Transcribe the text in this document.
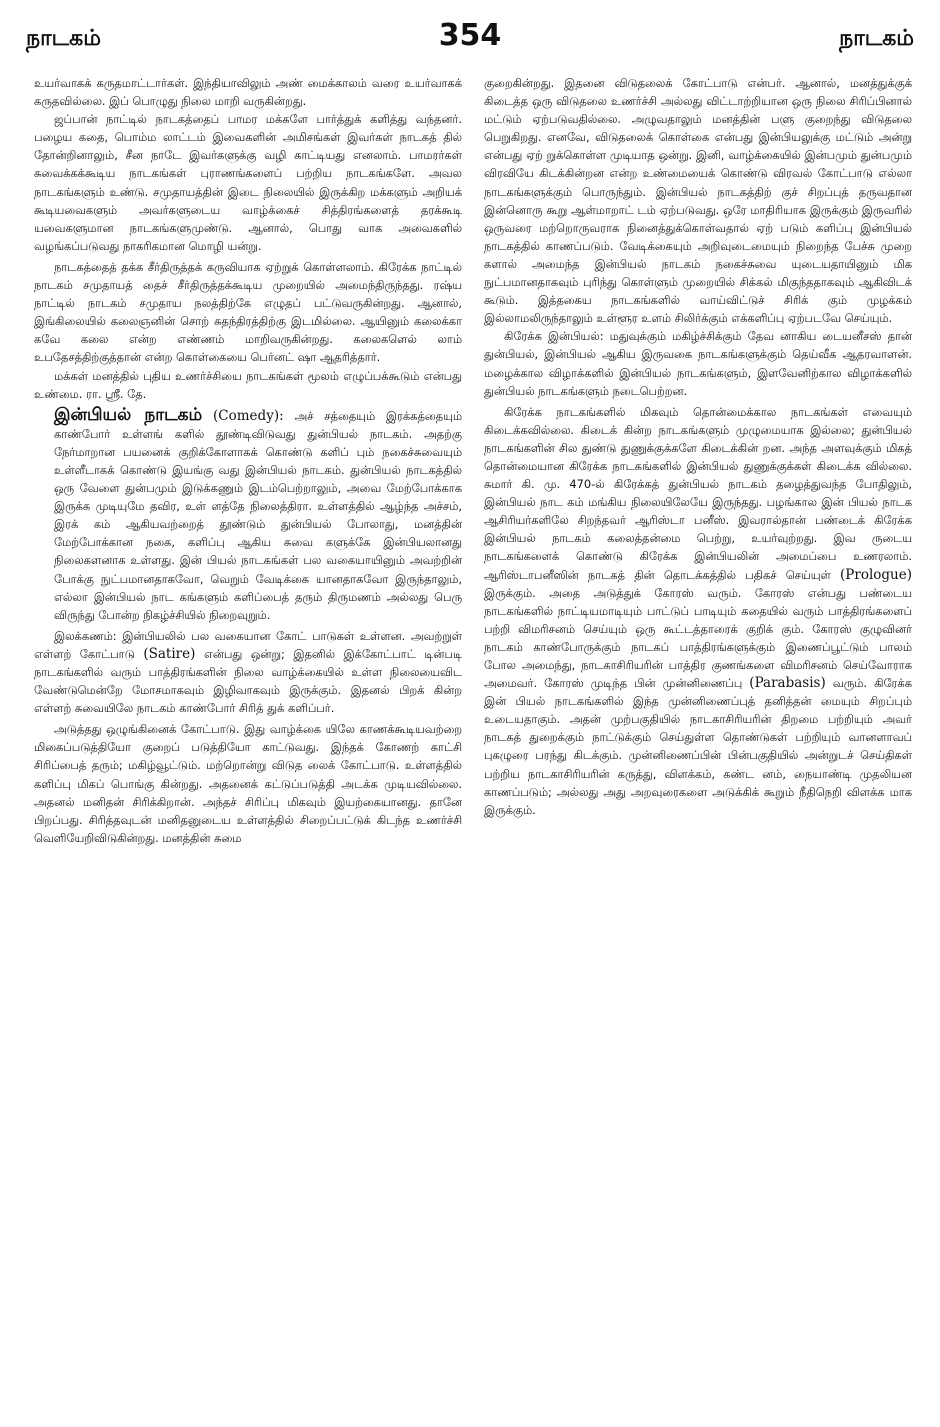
நாடகம்	354	நாடகம்

உயர்வாகக் கருதமாட்டார்கள். இந்தியாவிலும் அண் மைக்காலம் வரை உயர்வாகக் கருதவில்லை. இப் பொழுது நிலை மாறி வருகின்றது.

ஜப்பான் நாட்டில் நாடகத்தைப் பாமர மக்களே பார்த்துக் களித்து வந்தனர். பழைய கதை, பொம்ம லாட்டம் இவைகளின் அமிசங்கள் இவர்கள் நாடகத் தில் தோன்றினாலும், சீன நாடே இவர்களுக்கு வழி காட்டியது எனலாம். பாமரர்கள் சுவைக்கக்கூடிய நாடகங்கள் புராணங்களைப் பற்றிய நாடகங்களே. அவல நாடகங்களும் உண்டு. சமுதாயத்தின் இடை நிலையில் இருக்கிற மக்களும் அறியக் கூடியவைகளும் அவர்களுடைய வாழ்க்கைச் சித்திரங்களைத் தரக்கூடி யவைகளுமான நாடகங்களுமுண்டு. ஆனால், பொது வாக அவைகளில் வழங்கப்படுவது நாகரிகமான மொழி யன்று.

நாடகத்தைத் தக்க சீர்திருத்தக் கருவியாக ஏற்றுக் கொள்ளலாம். கிரேக்க நாட்டில் நாடகம் சமுதாயத் தைச் சீர்திருத்தக்கூடிய முறையில் அமைந்திருந்தது. ரஷ்ய நாட்டில் நாடகம் சமுதாய நலத்திற்கே எழுதப் பட்டுவருகின்றது. ஆனால், இங்கிலையில் கலைஞனின் சொற் சுதந்திரத்திற்கு இடமில்லை. ஆயினும் கலைக்கா கவே கலை என்ற எண்ணம் மாறிவருகின்றது. கலைகளெல் லாம் உபதேசத்திற்குத்தான் என்ற கொள்கையை பெர்னட் ஷா ஆதரித்தார்.

மக்கள் மனத்தில் புதிய உணர்ச்சியை நாடகங்கள் மூலம் எழுப்பக்கூடும் என்பது உண்மை. ரா. ஸ்ரீ. தே.

இன்பியல் நாடகம் (Comedy): அச் சத்தையும் இரக்கத்தையும் காண்போர் உள்ளங் களில் தூண்டிவிடுவது துன்பியல் நாடகம். அதற்கு நேர்மாறான பயனைக் குறிக்கோளாகக் கொண்டு களிப் பும் நகைச்சுவையும் உள்ளீடாகக் கொண்டு இயங்கு வது இன்பியல் நாடகம். துன்பியல் நாடகத்தில் ஒரு வேளை துன்பமும் இடுக்கணும் இடம்பெற்றாலும், அவை மேற்போக்காக இருக்க முடியுமே தவிர, உள் ளத்தே நிலைத்திரா. உள்ளத்தில் ஆழ்ந்த அச்சம், இரக் கம் ஆகியவற்றைத் தூண்டும் துன்பியல் போலாது, மனத்தின் மேற்போக்கான நகை, களிப்பு ஆகிய சுவை களுக்கே இன்பியலானது நிலைகளனாக உள்ளது. இன் பியல் நாடகங்கள் பல வகையாயினும் அவற்றின் போக்கு நுட்பமானதாகவோ, வெறும் வேடிக்கை யானதாகவோ இருந்தாலும், எல்லா இன்பியல் நாட கங்களும் களிப்பைத் தரும் திருமணம் அல்லது பெரு விருந்து போன்ற நிகழ்ச்சியில் நிறைவுறும்.

இலக்கணம்: இன்பியலில் பல வகையான கோட் பாடுகள் உள்ளன. அவற்றுள் எள்ளற் கோட்பாடு (Satire) என்பது ஒன்று; இதனில் இக்கோட்பாட் டின்படி நாடகங்களில் வரும் பாத்திரங்களின் நிலை வாழ்க்கையில் உள்ள நிலையைவிட வேண்டுமென்றே மோசமாகவும் இழிவாகவும் இருக்கும். இதனல் பிறக் கின்ற எள்ளற் சுவையிலே நாடகம் காண்போர் சிரித் துக் களிப்பர்.

அடுத்தது ஒழுங்கினைக் கோட்பாடு. இது வாழ்க்கை யிலே காணக்கூடியவற்றை மிகைப்படுத்தியோ குறைப் படுத்தியோ காட்டுவது. இந்தக் கோணற் காட்சி சிரிப்பைத் தரும்; மகிழ்வூட்டும். மற்றொன்று விடுத லைக் கோட்பாடு. உள்ளத்தில் களிப்பு மிகப் பொங்கு கின்றது. அதனைக் கட்டுப்படுத்தி அடக்க முடியவில்லை. அதனல் மனிதன் சிரிக்கிறான். அந்தச் சிரிப்பு மிகவும் இயற்கையானது. தானே பிறப்பது. சிரித்தவுடன் மனிதனுடைய உள்ளத்தில் சிறைப்பட்டுக் கிடந்த உணர்ச்சி வெளியேறிவிடுகின்றது. மனத்தின் சுமை

குறைகின்றது. இதனை விடுதலைக் கோட்பாடு என்பர். ஆனால், மனத்துக்குக் கிடைத்த ஒரு விடுதலை உணர்ச்சி அல்லது விட்டாற்றியான ஒரு நிலை சிரிப்பினால் மட்டும் ஏற்படுவதில்லை. அழுவதாலும் மனத்தின் பளு குறைந்து விடுதலை பெறுகிறது. எனவே, விடுதலைக் கொள்கை என்பது இன்பியலுக்கு மட்டும் அன்று என்பது ஏற் றுக்கொள்ள முடியாத ஒன்று. இனி, வாழ்க்கையில் இன்பமும் துன்பமும் விரவியே கிடக்கின்றன என்ற உண்மையைக் கொண்டு விரவல் கோட்பாடு எல்லா நாடகங்களுக்கும் பொருந்தும். இன்பியல் நாடகத்திற் குச் சிறப்புத் தருவதான இன்னொரு கூறு ஆள்மாறாட் டம் ஏற்படுவது. ஒரே மாதிரியாக இருக்கும் இருவரில் ஒருவரை மற்றொருவராக நினைத்துக்கொள்வதால் ஏற் படும் களிப்பு இன்பியல் நாடகத்தில் காணப்படும். வேடிக்கையும் அறிவுடைமையும் நிறைந்த பேச்சு முறை களால் அமைந்த இன்பியல் நாடகம் நகைச்சுவை யுடையதாயினும் மிக நுட்பமானதாகவும் புரிந்து கொள்ளும் முறையில் சிக்கல் மிகுந்ததாகவும் ஆகிவிடக் கூடும். இத்தகைய நாடகங்களில் வாய்விட்டுச் சிரிக் கும் முழக்கம் இல்லாமலிருந்தாலும் உள்ளூர உளம் சிலிர்க்கும் எக்களிப்பு ஏற்படவே செய்யும்.

கிரேக்க இன்பியல்: மதுவுக்கும் மகிழ்ச்சிக்கும் தேவ னாகிய டையனீசஸ் தான் துன்பியல், இன்பியல் ஆகிய இருவகை நாடகங்களுக்கும் தெய்வீக ஆதரவாளன். மழைக்கால விழாக்களில் இன்பியல் நாடகங்களும், இளவேனிற்கால விழாக்களில் துன்பியல் நாடகங்களும் நடைபெற்றன.

கிரேக்க நாடகங்களில் மிகவும் தொன்மைக்கால நாடகங்கள் எவையும் கிடைக்கவில்லை. கிடைக் கின்ற நாடகங்களும் முழுமையாக இல்லை; துன்பியல் நாடகங்களின் சில துண்டு துணுக்குக்களே கிடைக்கின் றன. அந்த அளவுக்கும் மிகத் தொன்மையான கிரேக்க நாடகங்களில் இன்பியல் துணுக்குக்கள் கிடைக்க வில்லை. சுமார் கி. மு. 470-ல் கிரேக்கத் துன்பியல் நாடகம் தழைத்துவந்த போதிலும், இன்பியல் நாட கம் மங்கிய நிலையிலேயே இருந்தது. பழங்கால இன் பியல் நாடக ஆசிரியர்களிலே சிறந்தவர் ஆரிஸ்டா பனீஸ். இவரால்தான் பண்டைக் கிரேக்க இன்பியல் நாடகம் கலைத்தன்மை பெற்று, உயர்வுற்றது. இவ ருடைய நாடகங்களைக் கொண்டு கிரேக்க இன்பியலின் அமைப்பை உணரலாம். ஆரிஸ்டாபனீஸின் நாடகத் தின் தொடக்கத்தில் பதிகச் செய்யுள் (Prologue) இருக்கும். அதை அடுத்துக் கோரஸ் வரும். கோரஸ் என்பது பண்டைய நாடகங்களில் நாட்டியமாடியும் பாட்டுப் பாடியும் கதையில் வரும் பாத்திரங்களைப் பற்றி விமரிசனம் செய்யும் ஒரு கூட்டத்தாரைக் குறிக் கும். கோரஸ் குழுவினர் நாடகம் காண்போருக்கும் நாடகப் பாத்திரங்களுக்கும் இணைப்பூட்டும் பாலம் போல அமைந்து, நாடகாசிரியரின் பாத்திர குணங்களை விமரிசனம் செய்வோராக அமைவர். கோரஸ் முடிந்த பின் முன்னிணைப்பு (Parabasis) வரும். கிரேக்க இன் பியல் நாடகங்களில் இந்த முன்னிணைப்புத் தனித்தன் மையும் சிறப்பும் உடையதாகும். அதன் முற்பகுதியில் நாடகாசிரியரின் திறமை பற்றியும் அவர் நாடகத் துறைக்கும் நாட்டுக்கும் செய்துள்ள தொண்டுகள் பற்றியும் வானளாவப் புகழுரை பரந்து கிடக்கும். முன்னிணைப்பின் பின்பகுதியில் அன்றுடச் செய்திகள் பற்றிய நாடகாசிரியரின் கருத்து, விளக்கம், கண்ட னம், நையாண்டி முதலியன காணப்படும்; அல்லது அது அறவுரைகளை அடுக்கிக் கூறும் நீதிநெறி விளக்க மாக இருக்கும்.
